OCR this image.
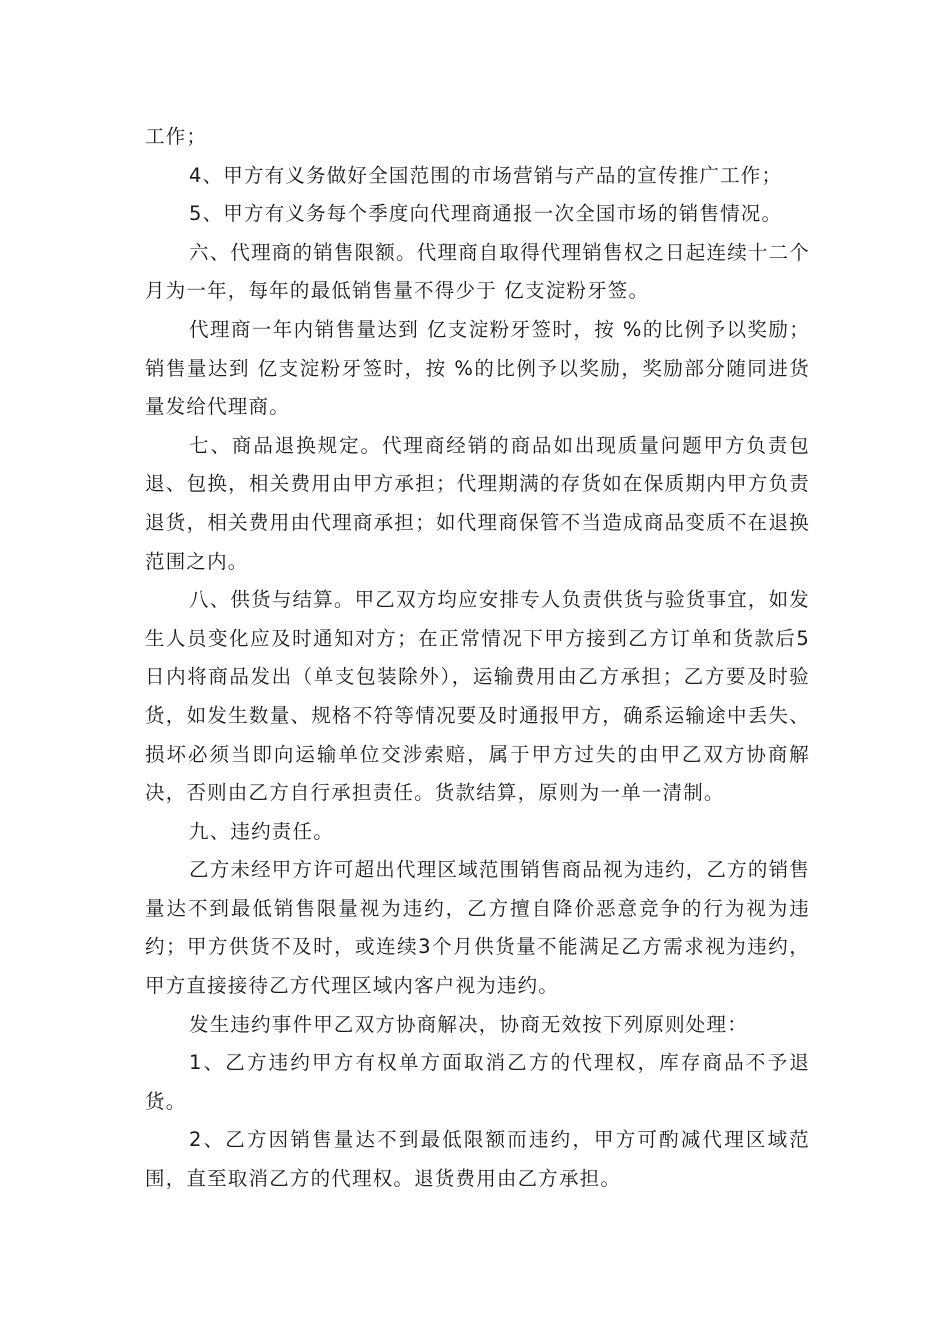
工作；

4、甲方有义务做好全国范围的市场营销与产品的宣传推广工作；

5、甲方有义务每个季度向代理商通报一次全国市场的销售情况。

六、代理商的销售限额。代理商自取得代理销售权之日起连续十二个月为一年，每年的最低销售量不得少于 亿支淀粉牙签。

代理商一年内销售量达到 亿支淀粉牙签时，按 %的比例予以奖励；销售量达到 亿支淀粉牙签时，按 %的比例予以奖励，奖励部分随同进货量发给代理商。

七、商品退换规定。代理商经销的商品如出现质量问题甲方负责包退、包换，相关费用由甲方承担；代理期满的存货如在保质期内甲方负责退货，相关费用由代理商承担；如代理商保管不当造成商品变质不在退换范围之内。

八、供货与结算。甲乙双方均应安排专人负责供货与验货事宜，如发生人员变化应及时通知对方；在正常情况下甲方接到乙方订单和货款后5日内将商品发出（单支包装除外），运输费用由乙方承担；乙方要及时验货，如发生数量、规格不符等情况要及时通报甲方，确系运输途中丢失、损坏必须当即向运输单位交涉索赔，属于甲方过失的由甲乙双方协商解决，否则由乙方自行承担责任。货款结算，原则为一单一清制。

九、违约责任。

乙方未经甲方许可超出代理区域范围销售商品视为违约，乙方的销售量达不到最低销售限量视为违约，乙方擅自降价恶意竞争的行为视为违约；甲方供货不及时，或连续3个月供货量不能满足乙方需求视为违约，甲方直接接待乙方代理区域内客户视为违约。

发生违约事件甲乙双方协商解决，协商无效按下列原则处理：

1、乙方违约甲方有权单方面取消乙方的代理权，库存商品不予退货。

2、乙方因销售量达不到最低限额而违约，甲方可酌减代理区域范围，直至取消乙方的代理权。退货费用由乙方承担。
